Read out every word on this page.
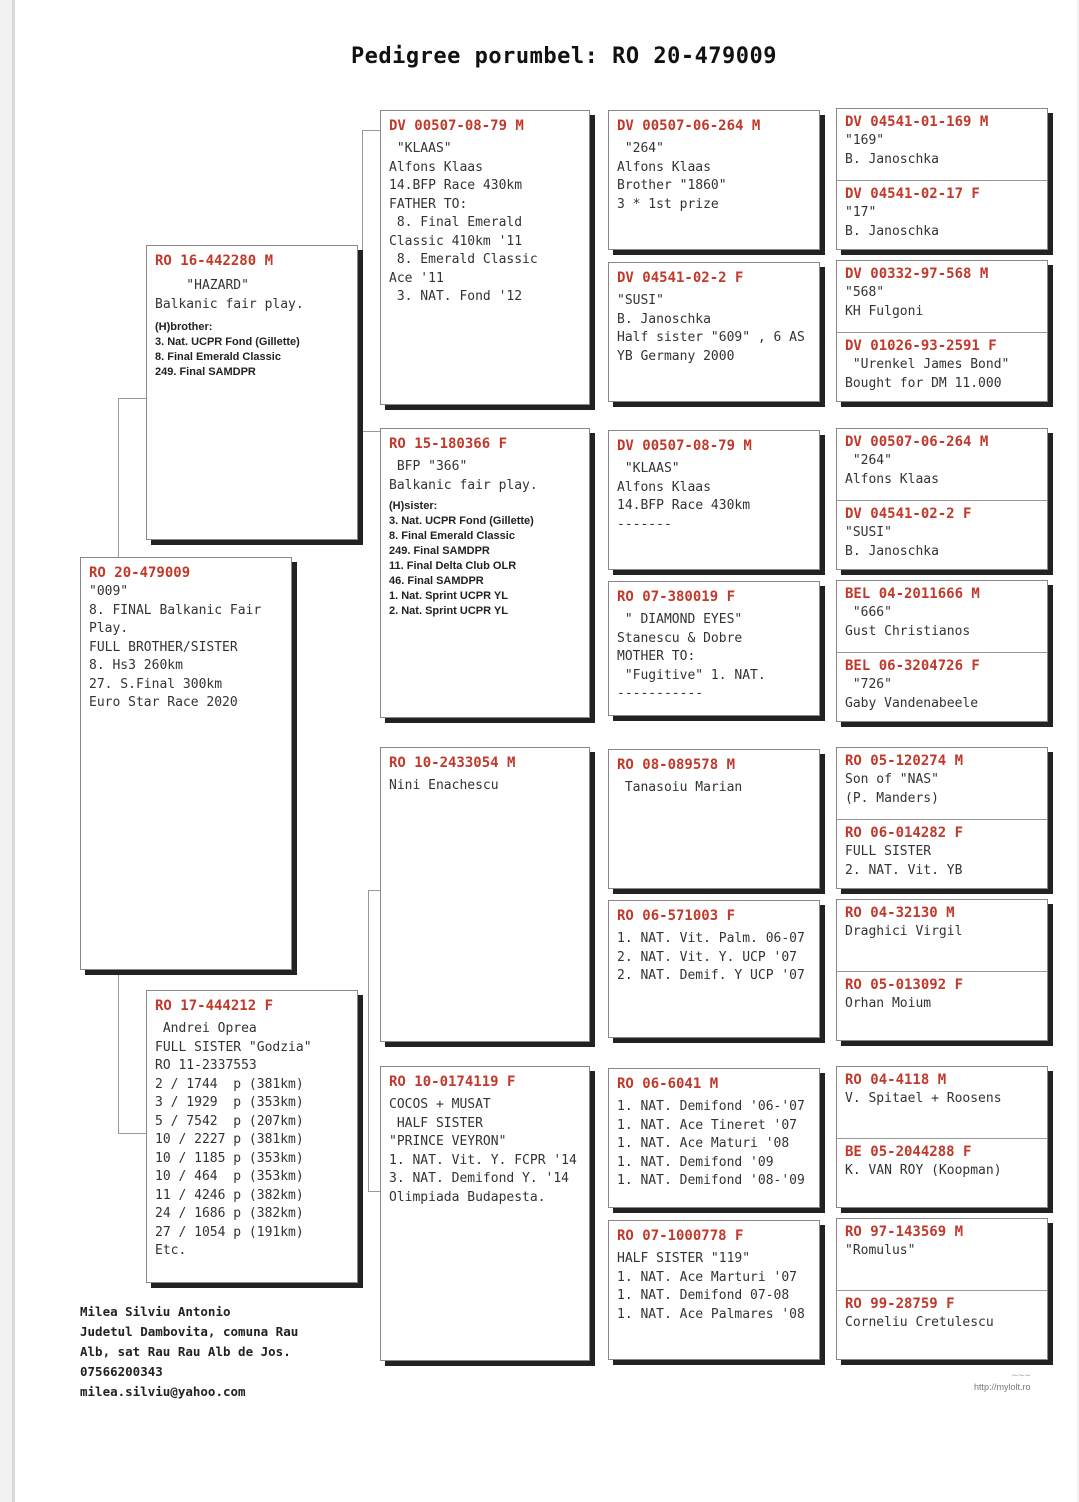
Pedigree porumbel: RO 20-479009
RO 20-479009
"009"
8. FINAL Balkanic Fair
Play.
FULL BROTHER/SISTER
8. Hs3 260km
27. S.Final 300km
Euro Star Race 2020
RO 16-442280 M
"HAZARD"
Balkanic fair play.
(H)brother:
3. Nat. UCPR Fond (Gillette)
8. Final Emerald Classic
249. Final SAMDPR
RO 17-444212 F
Andrei Oprea
FULL SISTER "Godzia"
RO 11-2337553
2 / 1744  p (381km)
3 / 1929  p (353km)
5 / 7542  p (207km)
10 / 2227 p (381km)
10 / 1185 p (353km)
10 / 464  p (353km)
11 / 4246 p (382km)
24 / 1686 p (382km)
27 / 1054 p (191km)
Etc.
DV 00507-08-79 M
"KLAAS"
Alfons Klaas
14.BFP Race 430km
FATHER TO:
8. Final Emerald
Classic 410km '11
8. Emerald Classic
Ace '11
3. NAT. Fond '12
RO 15-180366 F
BFP "366"
Balkanic fair play.
(H)sister:
3. Nat. UCPR Fond (Gillette)
8. Final Emerald Classic
249. Final SAMDPR
11. Final Delta Club OLR
46. Final SAMDPR
1. Nat. Sprint UCPR YL
2. Nat. Sprint UCPR YL
RO 10-2433054 M
Nini Enachescu
RO 10-0174119 F
COCOS + MUSAT
HALF SISTER
"PRINCE VEYRON"
1. NAT. Vit. Y. FCPR '14
3. NAT. Demifond Y. '14
Olimpiada Budapesta.
DV 00507-06-264 M
"264"
Alfons Klaas
Brother "1860"
3 * 1st prize
DV 04541-02-2 F
"SUSI"
B. Janoschka
Half sister "609" , 6 AS
YB Germany 2000
DV 00507-08-79 M
"KLAAS"
Alfons Klaas
14.BFP Race 430km
-------
RO 07-380019 F
" DIAMOND EYES"
Stanescu & Dobre
MOTHER TO:
"Fugitive" 1. NAT.
-----------
RO 08-089578 M
Tanasoiu Marian
RO 06-571003 F
1. NAT. Vit. Palm. 06-07
2. NAT. Vit. Y. UCP '07
2. NAT. Demif. Y UCP '07
RO 06-6041 M
1. NAT. Demifond '06-'07
1. NAT. Ace Tineret '07
1. NAT. Ace Maturi '08
1. NAT. Demifond '09
1. NAT. Demifond '08-'09
RO 07-1000778 F
HALF SISTER "119"
1. NAT. Ace Marturi '07
1. NAT. Demifond 07-08
1. NAT. Ace Palmares '08
DV 04541-01-169 M
"169"
B. Janoschka
DV 04541-02-17 F
"17"
B. Janoschka
DV 00332-97-568 M
"568"
KH Fulgoni
DV 01026-93-2591 F
"Urenkel James Bond"
Bought for DM 11.000
DV 00507-06-264 M
"264"
Alfons Klaas
DV 04541-02-2 F
"SUSI"
B. Janoschka
BEL 04-2011666 M
"666"
Gust Christianos
BEL 06-3204726 F
"726"
Gaby Vandenabeele
RO 05-120274 M
Son of "NAS"
(P. Manders)
RO 06-014282 F
FULL SISTER
2. NAT. Vit. YB
RO 04-32130 M
Draghici Virgil
RO 05-013092 F
Orhan Moium
RO 04-4118 M
V. Spitael + Roosens
BE 05-2044288 F
K. VAN ROY (Koopman)
RO 97-143569 M
"Romulus"
RO 99-28759 F
Corneliu Cretulescu
Milea Silviu Antonio
Judetul Dambovita, comuna Rau
Alb, sat Rau Rau Alb de Jos.
07566200343
milea.silviu@yahoo.com
~~~
http://mylolt.ro
